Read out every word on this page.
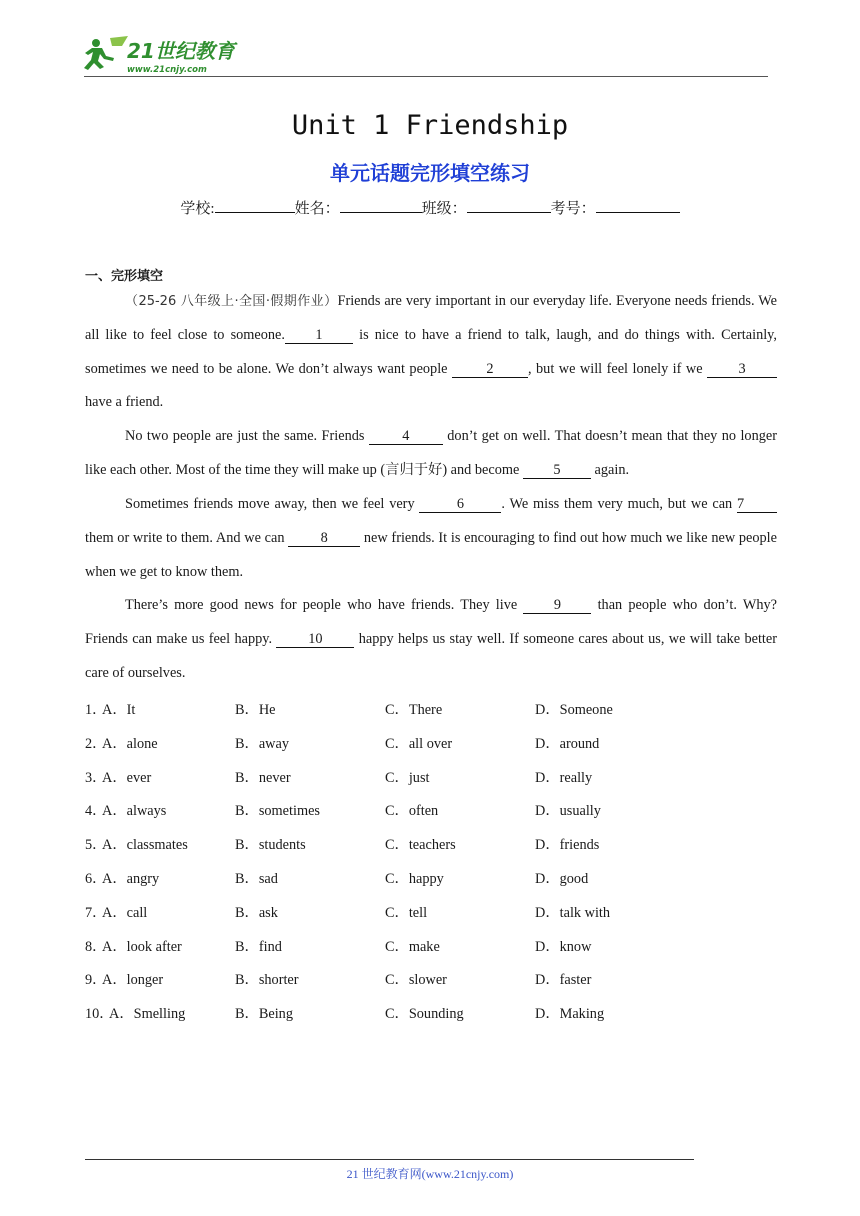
21世纪教育
www.21cnjy.com
Unit 1 Friendship
单元话题完形填空练习
学校:	姓名：	班级：	考号：
一、完形填空

（25-26 八年级上·全国·假期作业）Friends are very important in our everyday life. Everyone needs friends. We all like to feel close to someone. 1 is nice to have a friend to talk, laugh, and do things with. Certainly, sometimes we need to be alone. We don’t always want people 2 , but we will feel lonely if we 3 have a friend.

No two people are just the same. Friends 4 don’t get on well. That doesn’t mean that they no longer like each other. Most of the time they will make up (言归于好) and become 5 again.

Sometimes friends move away, then we feel very	6	. We miss them very much, but we can 7 them or write to them. And we can 8 new friends. It is encouraging to find out how much we like new people when we get to know them.

There’s more good news for people who have friends. They live 9 than people who don’t. Why? Friends can make us feel happy. 10 happy helps us stay well. If someone cares about us, we will take better care of ourselves.

1．
A．It	B．He	C．There	D．Someone
2．
A．alone	B．away	C．all over	D．around
3．
A．ever	B．never	C．just	D．really
4．
A．always	B．sometimes	C．often	D．usually
5．
A．classmates	B．students	C．teachers	D．friends
6．
A．angry	B．sad	C．happy	D．good
7．
A．call	B．ask	C．tell	D．talk with
8．
A．look after	B．find	C．make	D．know
9．
A．longer	B．shorter	C．slower	D．faster
10．
A．Smelling	B．Being	C．Sounding	D．Making
21 世纪教育网(www.21cnjy.com)
